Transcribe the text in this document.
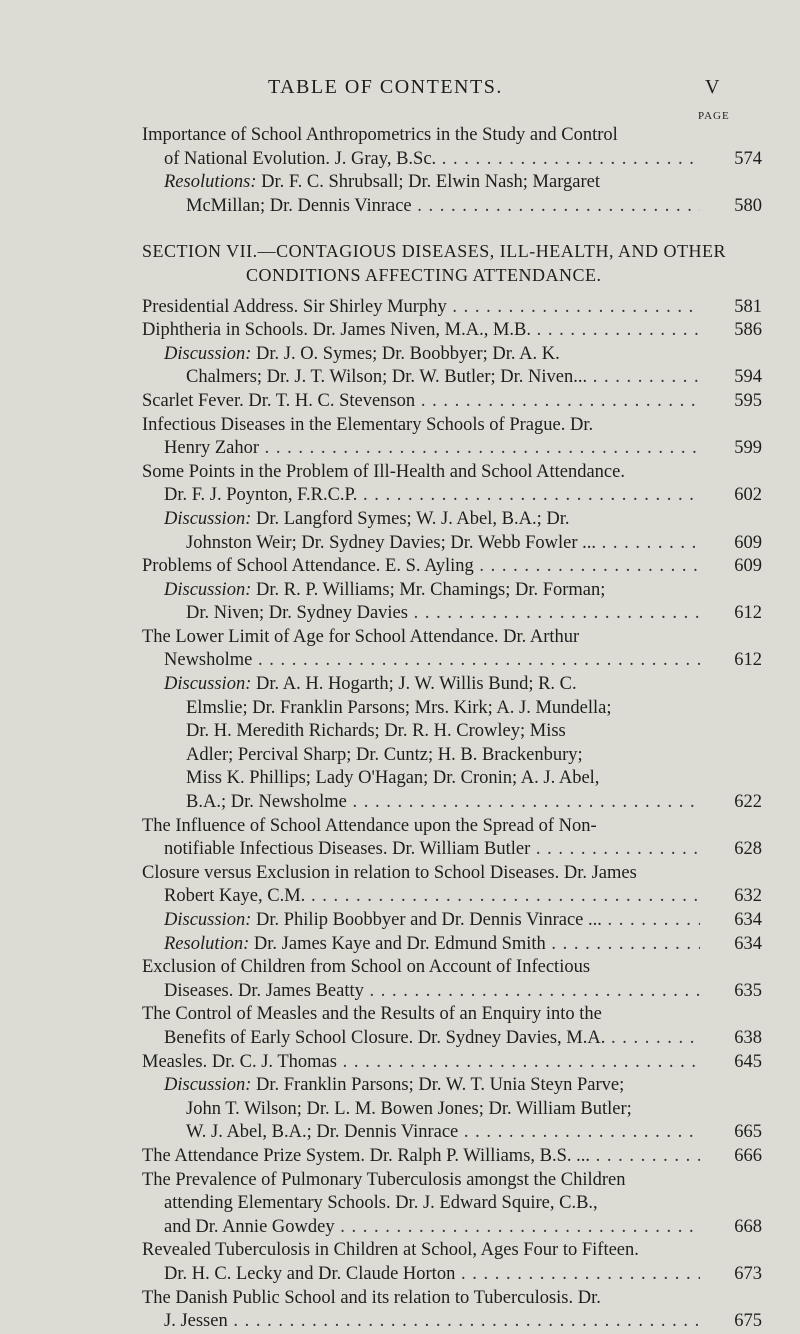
TABLE OF CONTENTS.	V
PAGE
Importance of School Anthropometrics in the Study and Control
of National Evolution. J. Gray, B.Sc. . . .	574
Resolutions: Dr. F. C. Shrubsall; Dr. Elwin Nash; Margaret
McMillan; Dr. Dennis Vinrace . . .	580
SECTION VII.—CONTAGIOUS DISEASES, ILL-HEALTH, AND OTHER
CONDITIONS AFFECTING ATTENDANCE.
Presidential Address. Sir Shirley Murphy . . .	581
Diphtheria in Schools. Dr. James Niven, M.A., M.B. . . .	586
Discussion: Dr. J. O. Symes; Dr. Boobbyer; Dr. A. K.
Chalmers; Dr. J. T. Wilson; Dr. W. Butler; Dr. Niven... . . .	594
Scarlet Fever. Dr. T. H. C. Stevenson . . .	595
Infectious Diseases in the Elementary Schools of Prague. Dr.
Henry Zahor . . .	599
Some Points in the Problem of Ill-Health and School Attendance.
Dr. F. J. Poynton, F.R.C.P. . . .	602
Discussion: Dr. Langford Symes; W. J. Abel, B.A.; Dr.
Johnston Weir; Dr. Sydney Davies; Dr. Webb Fowler ... . . .	609
Problems of School Attendance. E. S. Ayling . . .	609
Discussion: Dr. R. P. Williams; Mr. Chamings; Dr. Forman;
Dr. Niven; Dr. Sydney Davies . . .	612
The Lower Limit of Age for School Attendance. Dr. Arthur
Newsholme . . .	612
Discussion: Dr. A. H. Hogarth; J. W. Willis Bund; R. C.
Elmslie; Dr. Franklin Parsons; Mrs. Kirk; A. J. Mundella;
Dr. H. Meredith Richards; Dr. R. H. Crowley; Miss
Adler; Percival Sharp; Dr. Cuntz; H. B. Brackenbury;
Miss K. Phillips; Lady O'Hagan; Dr. Cronin; A. J. Abel,
B.A.; Dr. Newsholme . . .	622
The Influence of School Attendance upon the Spread of Non-
notifiable Infectious Diseases. Dr. William Butler . . .	628
Closure versus Exclusion in relation to School Diseases. Dr. James
Robert Kaye, C.M. . . .	632
Discussion: Dr. Philip Boobbyer and Dr. Dennis Vinrace ... . . .	634
Resolution: Dr. James Kaye and Dr. Edmund Smith . . .	634
Exclusion of Children from School on Account of Infectious
Diseases. Dr. James Beatty . . .	635
The Control of Measles and the Results of an Enquiry into the
Benefits of Early School Closure. Dr. Sydney Davies, M.A. . . .	638
Measles. Dr. C. J. Thomas . . .	645
Discussion: Dr. Franklin Parsons; Dr. W. T. Unia Steyn Parve;
John T. Wilson; Dr. L. M. Bowen Jones; Dr. William Butler;
W. J. Abel, B.A.; Dr. Dennis Vinrace . . .	665
The Attendance Prize System. Dr. Ralph P. Williams, B.S. ... . . .	666
The Prevalence of Pulmonary Tuberculosis amongst the Children
attending Elementary Schools. Dr. J. Edward Squire, C.B.,
and Dr. Annie Gowdey . . .	668
Revealed Tuberculosis in Children at School, Ages Four to Fifteen.
Dr. H. C. Lecky and Dr. Claude Horton . . .	673
The Danish Public School and its relation to Tuberculosis. Dr.
J. Jessen . . .	675
